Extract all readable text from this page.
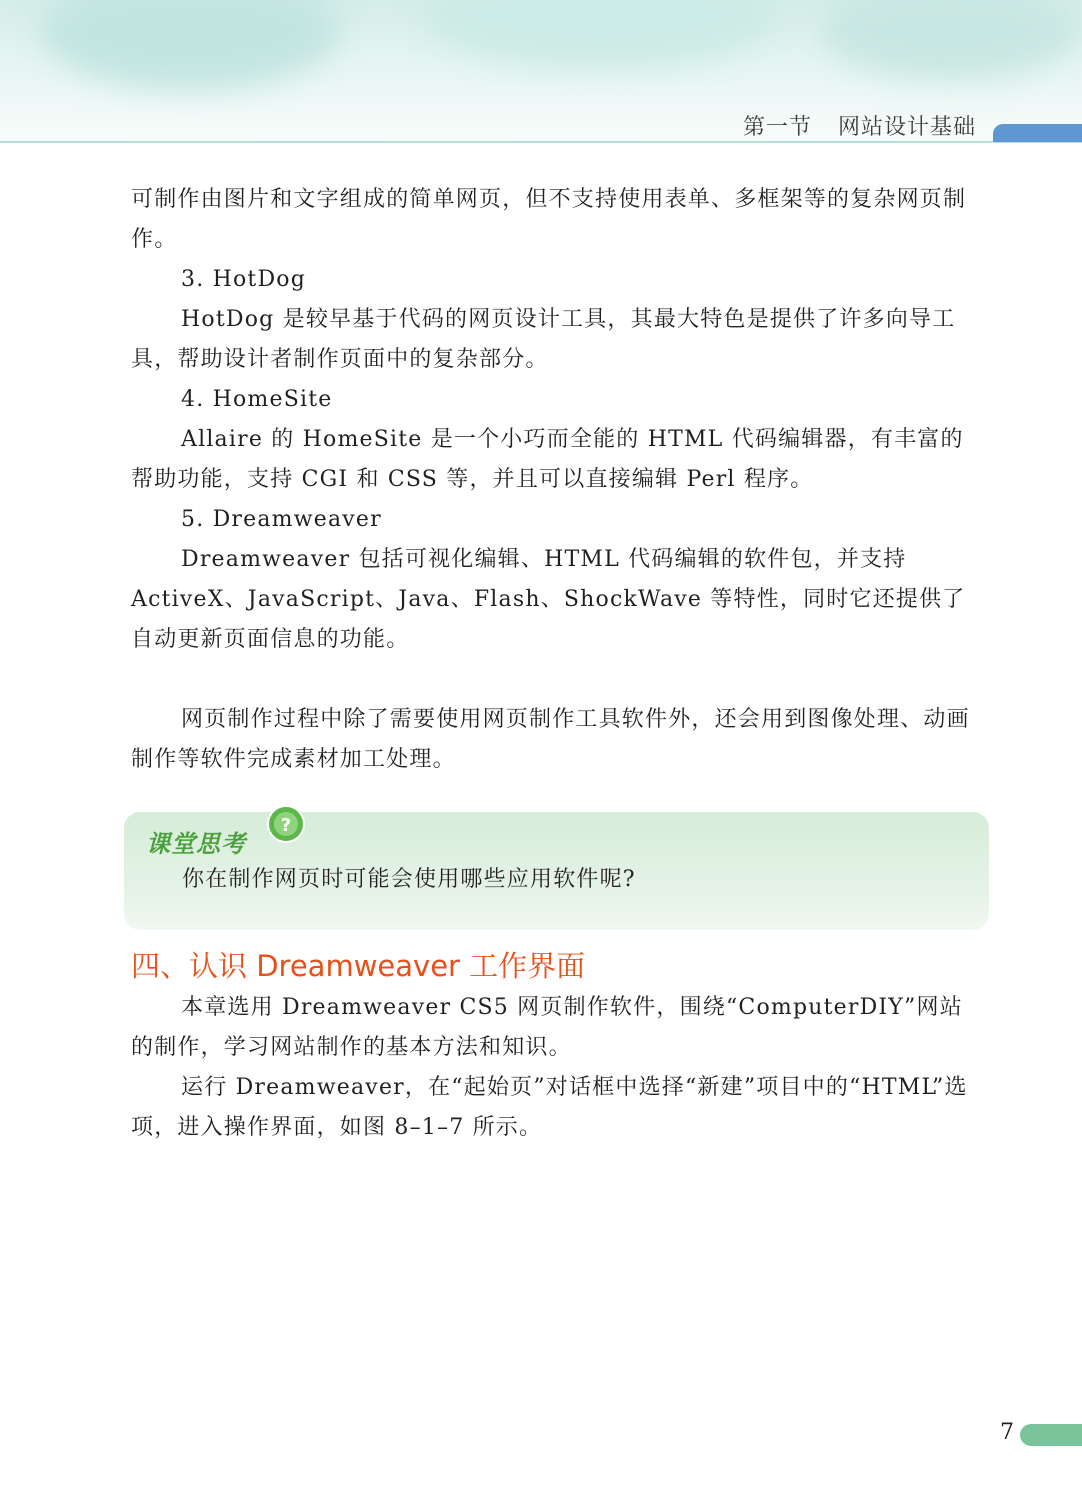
第一节 网站设计基础

可制作由图片和文字组成的简单网页，但不支持使用表单、多框架等的复杂网页制作。

3. HotDog

HotDog 是较早基于代码的网页设计工具，其最大特色是提供了许多向导工具，帮助设计者制作页面中的复杂部分。

4. HomeSite

Allaire 的 HomeSite 是一个小巧而全能的 HTML 代码编辑器，有丰富的帮助功能，支持 CGI 和 CSS 等，并且可以直接编辑 Perl 程序。

5. Dreamweaver

Dreamweaver 包括可视化编辑、HTML 代码编辑的软件包，并支持 ActiveX、JavaScript、Java、Flash、ShockWave 等特性，同时它还提供了自动更新页面信息的功能。

网页制作过程中除了需要使用网页制作工具软件外，还会用到图像处理、动画制作等软件完成素材加工处理。

课堂思考
?
你在制作网页时可能会使用哪些应用软件呢?
四、认识 Dreamweaver 工作界面

本章选用 Dreamweaver CS5 网页制作软件，围绕“ComputerDIY”网站的制作，学习网站制作的基本方法和知识。

运行 Dreamweaver，在“起始页”对话框中选择“新建”项目中的“HTML”选项，进入操作界面，如图 8–1–7 所示。

7
